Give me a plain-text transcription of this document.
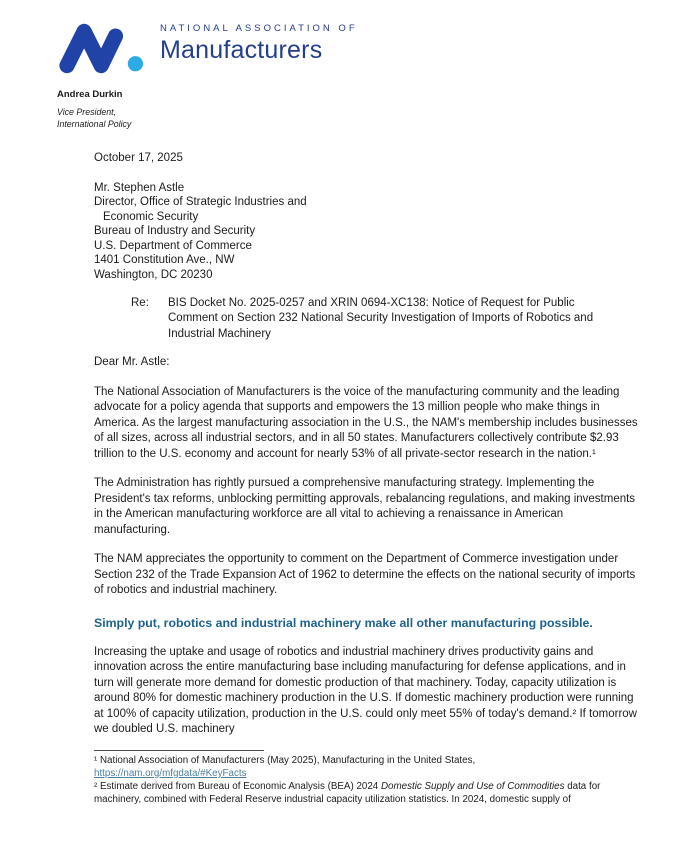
NATIONAL ASSOCIATION OF
Manufacturers
Andrea Durkin
Vice President,
International Policy
October 17, 2025
Mr. Stephen Astle
Director, Office of Strategic Industries and
Economic Security
Bureau of Industry and Security
U.S. Department of Commerce
1401 Constitution Ave., NW
Washington, DC 20230
Re:	BIS Docket No. 2025-0257 and XRIN 0694-XC138: Notice of Request for Public Comment on Section 232 National Security Investigation of Imports of Robotics and Industrial Machinery
Dear Mr. Astle:

The National Association of Manufacturers is the voice of the manufacturing community and the leading advocate for a policy agenda that supports and empowers the 13 million people who make things in America. As the largest manufacturing association in the U.S., the NAM's membership includes businesses of all sizes, across all industrial sectors, and in all 50 states. Manufacturers collectively contribute $2.93 trillion to the U.S. economy and account for nearly 53% of all private-sector research in the nation.¹

The Administration has rightly pursued a comprehensive manufacturing strategy. Implementing the President's tax reforms, unblocking permitting approvals, rebalancing regulations, and making investments in the American manufacturing workforce are all vital to achieving a renaissance in American manufacturing.

The NAM appreciates the opportunity to comment on the Department of Commerce investigation under Section 232 of the Trade Expansion Act of 1962 to determine the effects on the national security of imports of robotics and industrial machinery.

Simply put, robotics and industrial machinery make all other manufacturing possible.

Increasing the uptake and usage of robotics and industrial machinery drives productivity gains and innovation across the entire manufacturing base including manufacturing for defense applications, and in turn will generate more demand for domestic production of that machinery. Today, capacity utilization is around 80% for domestic machinery production in the U.S. If domestic machinery production were running at 100% of capacity utilization, production in the U.S. could only meet 55% of today's demand.² If tomorrow we doubled U.S. machinery

¹ National Association of Manufacturers (May 2025), Manufacturing in the United States,
https://nam.org/mfgdata/#KeyFacts
² Estimate derived from Bureau of Economic Analysis (BEA) 2024 Domestic Supply and Use of Commodities data for machinery, combined with Federal Reserve industrial capacity utilization statistics. In 2024, domestic supply of
